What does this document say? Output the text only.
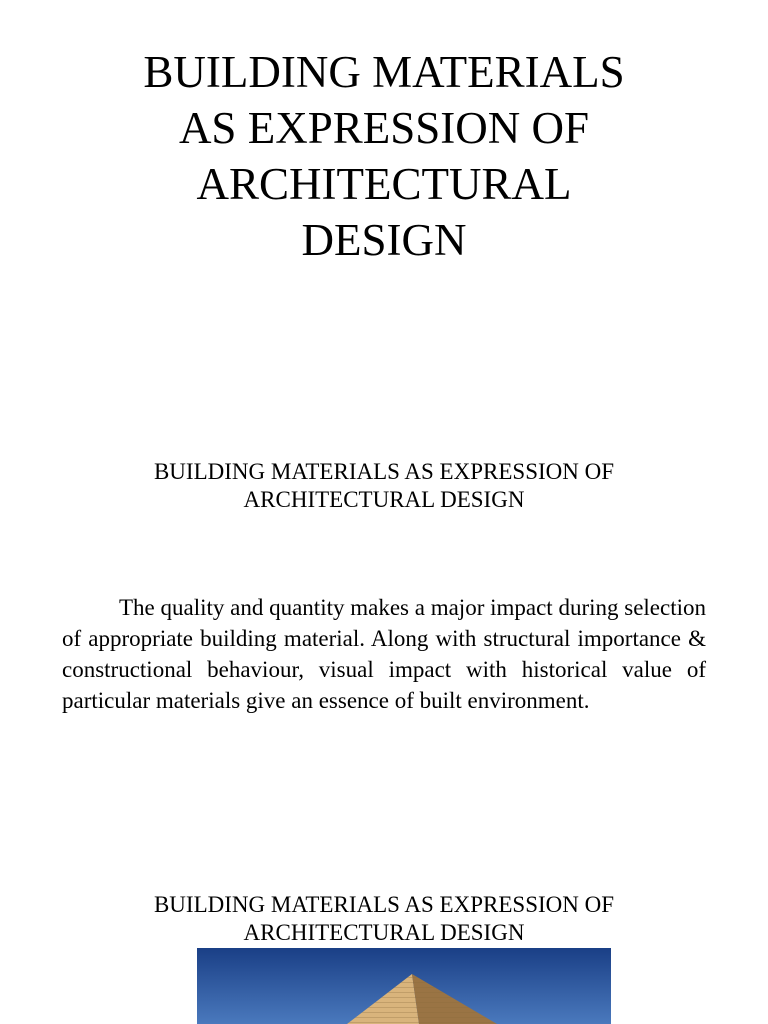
BUILDING MATERIALS
AS EXPRESSION OF
ARCHITECTURAL
DESIGN
BUILDING MATERIALS AS EXPRESSION OF
ARCHITECTURAL DESIGN

The quality and quantity makes a major impact during selection of appropriate building material. Along with structural importance & constructional behaviour, visual impact with historical value of particular materials give an essence of built environment.

BUILDING MATERIALS AS EXPRESSION OF
ARCHITECTURAL DESIGN
